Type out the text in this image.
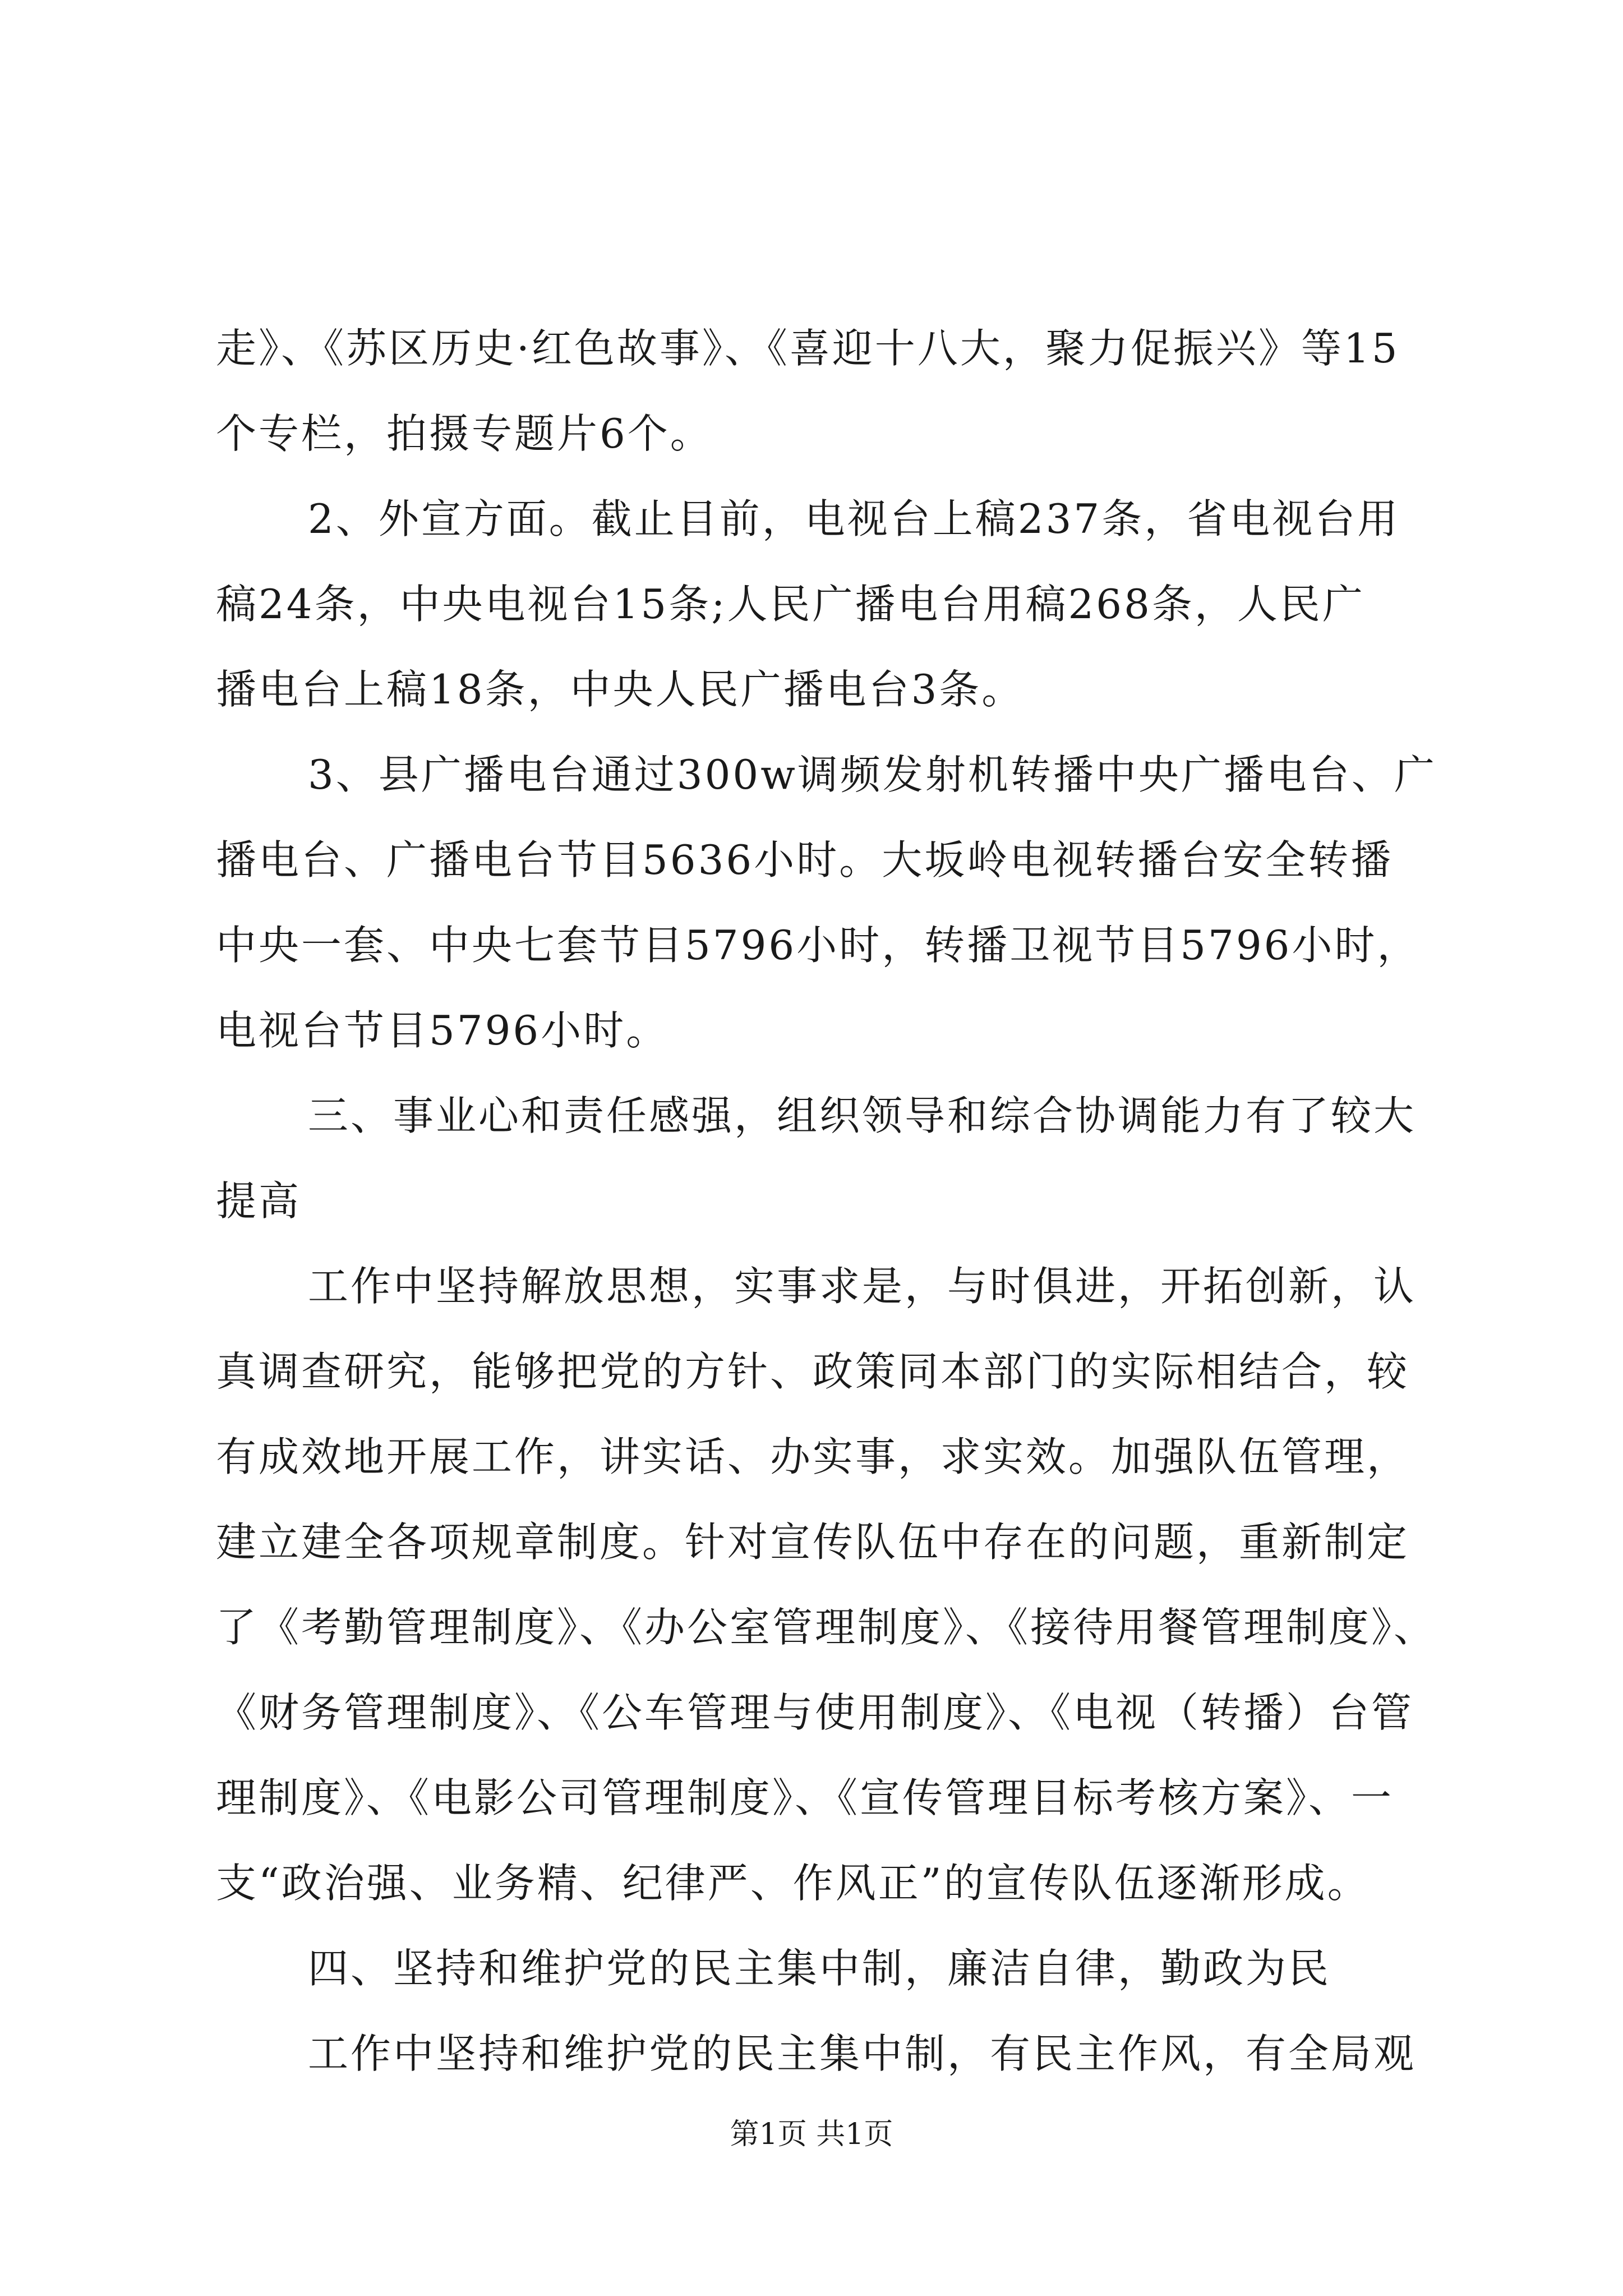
走》、《苏区历史·红色故事》、《喜迎十八大，聚力促振兴》等15
个专栏，拍摄专题片6个。
2、外宣方面。截止目前，电视台上稿237条，省电视台用
稿24条，中央电视台15条;人民广播电台用稿268条，人民广
播电台上稿18条，中央人民广播电台3条。
3、县广播电台通过300w调频发射机转播中央广播电台、广
播电台、广播电台节目5636小时。大坂岭电视转播台安全转播
中央一套、中央七套节目5796小时，转播卫视节目5796小时，
电视台节目5796小时。
三、事业心和责任感强，组织领导和综合协调能力有了较大
提高
工作中坚持解放思想，实事求是，与时俱进，开拓创新，认
真调查研究，能够把党的方针、政策同本部门的实际相结合，较
有成效地开展工作，讲实话、办实事，求实效。加强队伍管理，
建立建全各项规章制度。针对宣传队伍中存在的问题，重新制定
了《考勤管理制度》、《办公室管理制度》、《接待用餐管理制度》、
《财务管理制度》、《公车管理与使用制度》、《电视（转播）台管
理制度》、《电影公司管理制度》、《宣传管理目标考核方案》、一
支“政治强、业务精、纪律严、作风正”的宣传队伍逐渐形成。
四、坚持和维护党的民主集中制，廉洁自律，勤政为民
工作中坚持和维护党的民主集中制，有民主作风，有全局观
第1页 共1页
